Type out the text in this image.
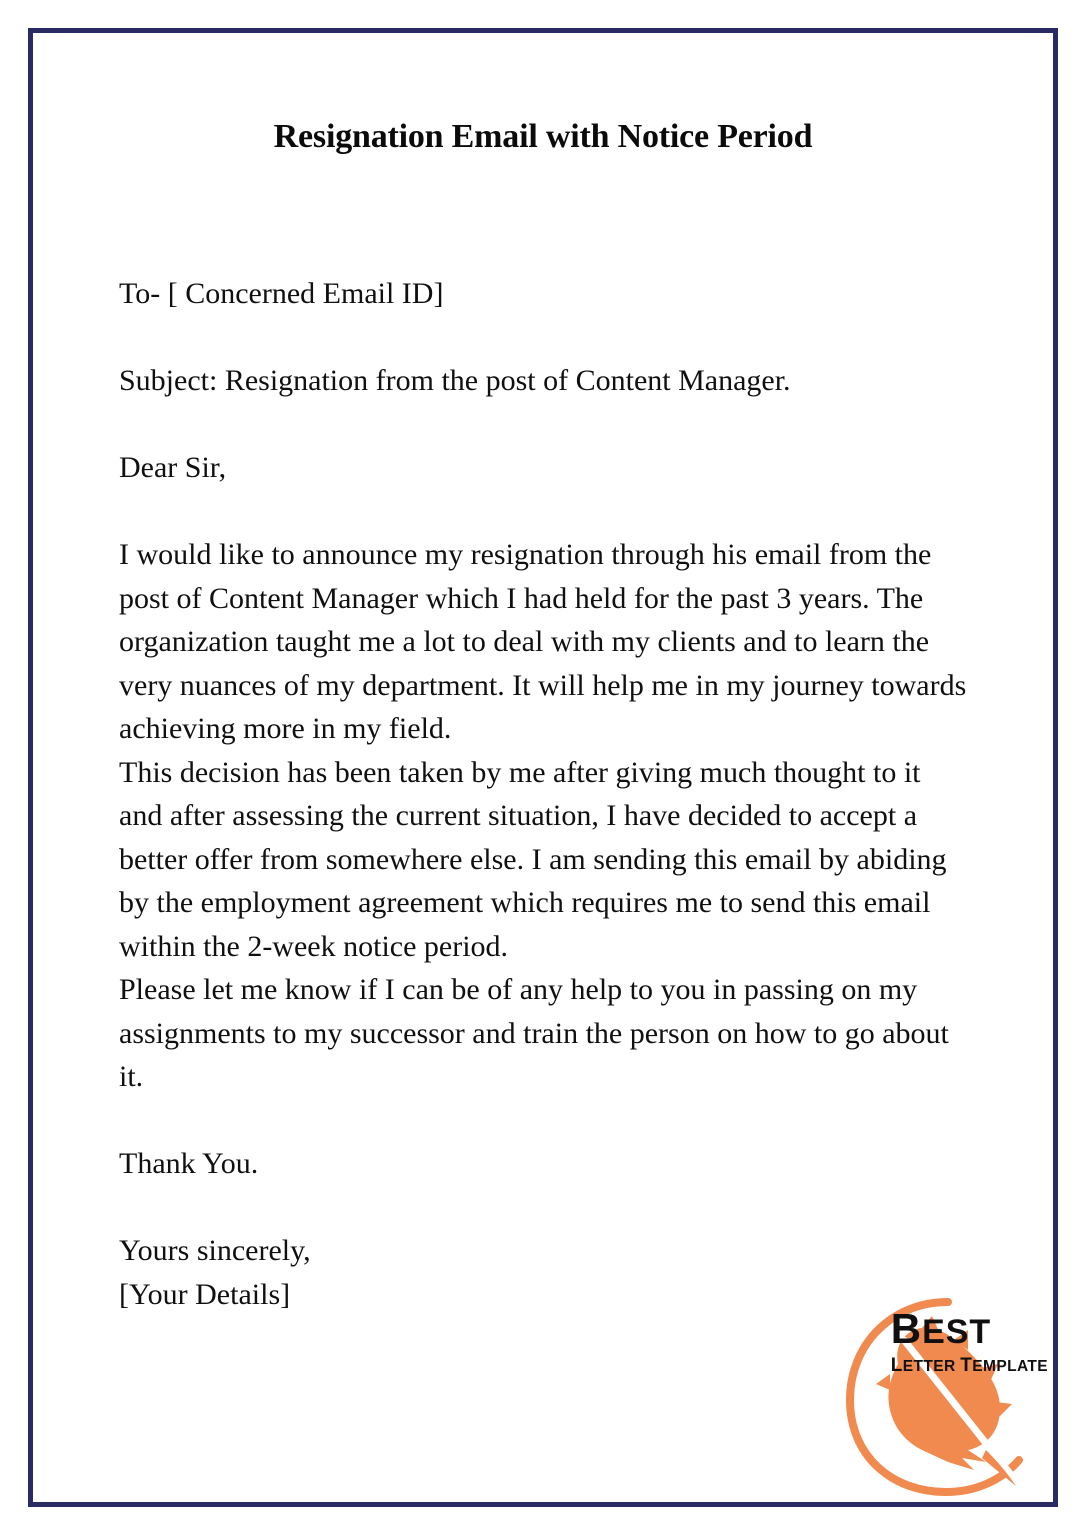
Resignation Email with Notice Period

To- [ Concerned Email ID]

Subject: Resignation from the post of Content Manager.

Dear Sir,

I would like to announce my resignation through his email from the post of Content Manager which I had held for the past 3 years. The organization taught me a lot to deal with my clients and to learn the very nuances of my department. It will help me in my journey towards achieving more in my field.

This decision has been taken by me after giving much thought to it and after assessing the current situation, I have decided to accept a better offer from somewhere else. I am sending this email by abiding by the employment agreement which requires me to send this email within the 2-week notice period.

Please let me know if I can be of any help to you in passing on my assignments to my successor and train the person on how to go about it.

Thank You.

Yours sincerely,

[Your Details]

BEST
LETTER TEMPLATE
